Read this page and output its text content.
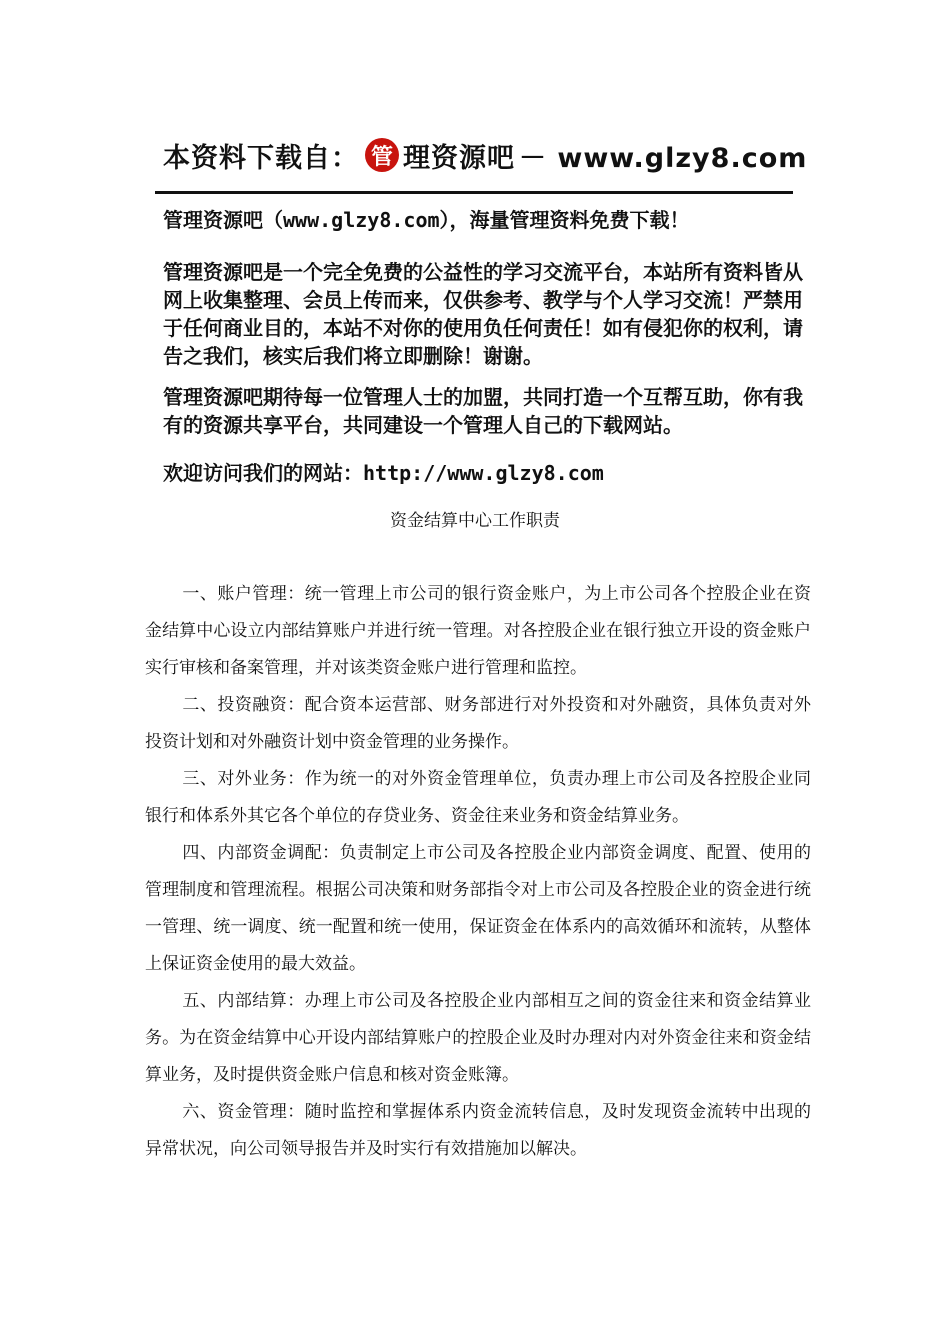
本资料下载自： 管 理资源吧 － www.glzy8.com
管理资源吧（www.glzy8.com），海量管理资料免费下载！
管理资源吧是一个完全免费的公益性的学习交流平台，本站所有资料皆从网上收集整理、会员上传而来，仅供参考、教学与个人学习交流！严禁用于任何商业目的，本站不对你的使用负任何责任！如有侵犯你的权利，请告之我们，核实后我们将立即删除！谢谢。
管理资源吧期待每一位管理人士的加盟，共同打造一个互帮互助，你有我有的资源共享平台，共同建设一个管理人自己的下载网站。
欢迎访问我们的网站：http://www.glzy8.com
资金结算中心工作职责

一、账户管理：统一管理上市公司的银行资金账户，为上市公司各个控股企业在资金结算中心设立内部结算账户并进行统一管理。对各控股企业在银行独立开设的资金账户实行审核和备案管理，并对该类资金账户进行管理和监控。

二、投资融资：配合资本运营部、财务部进行对外投资和对外融资，具体负责对外投资计划和对外融资计划中资金管理的业务操作。

三、对外业务：作为统一的对外资金管理单位，负责办理上市公司及各控股企业同银行和体系外其它各个单位的存贷业务、资金往来业务和资金结算业务。

四、内部资金调配：负责制定上市公司及各控股企业内部资金调度、配置、使用的管理制度和管理流程。根据公司决策和财务部指令对上市公司及各控股企业的资金进行统一管理、统一调度、统一配置和统一使用，保证资金在体系内的高效循环和流转，从整体上保证资金使用的最大效益。

五、内部结算：办理上市公司及各控股企业内部相互之间的资金往来和资金结算业务。为在资金结算中心开设内部结算账户的控股企业及时办理对内对外资金往来和资金结算业务，及时提供资金账户信息和核对资金账簿。

六、资金管理：随时监控和掌握体系内资金流转信息，及时发现资金流转中出现的异常状况，向公司领导报告并及时实行有效措施加以解决。
